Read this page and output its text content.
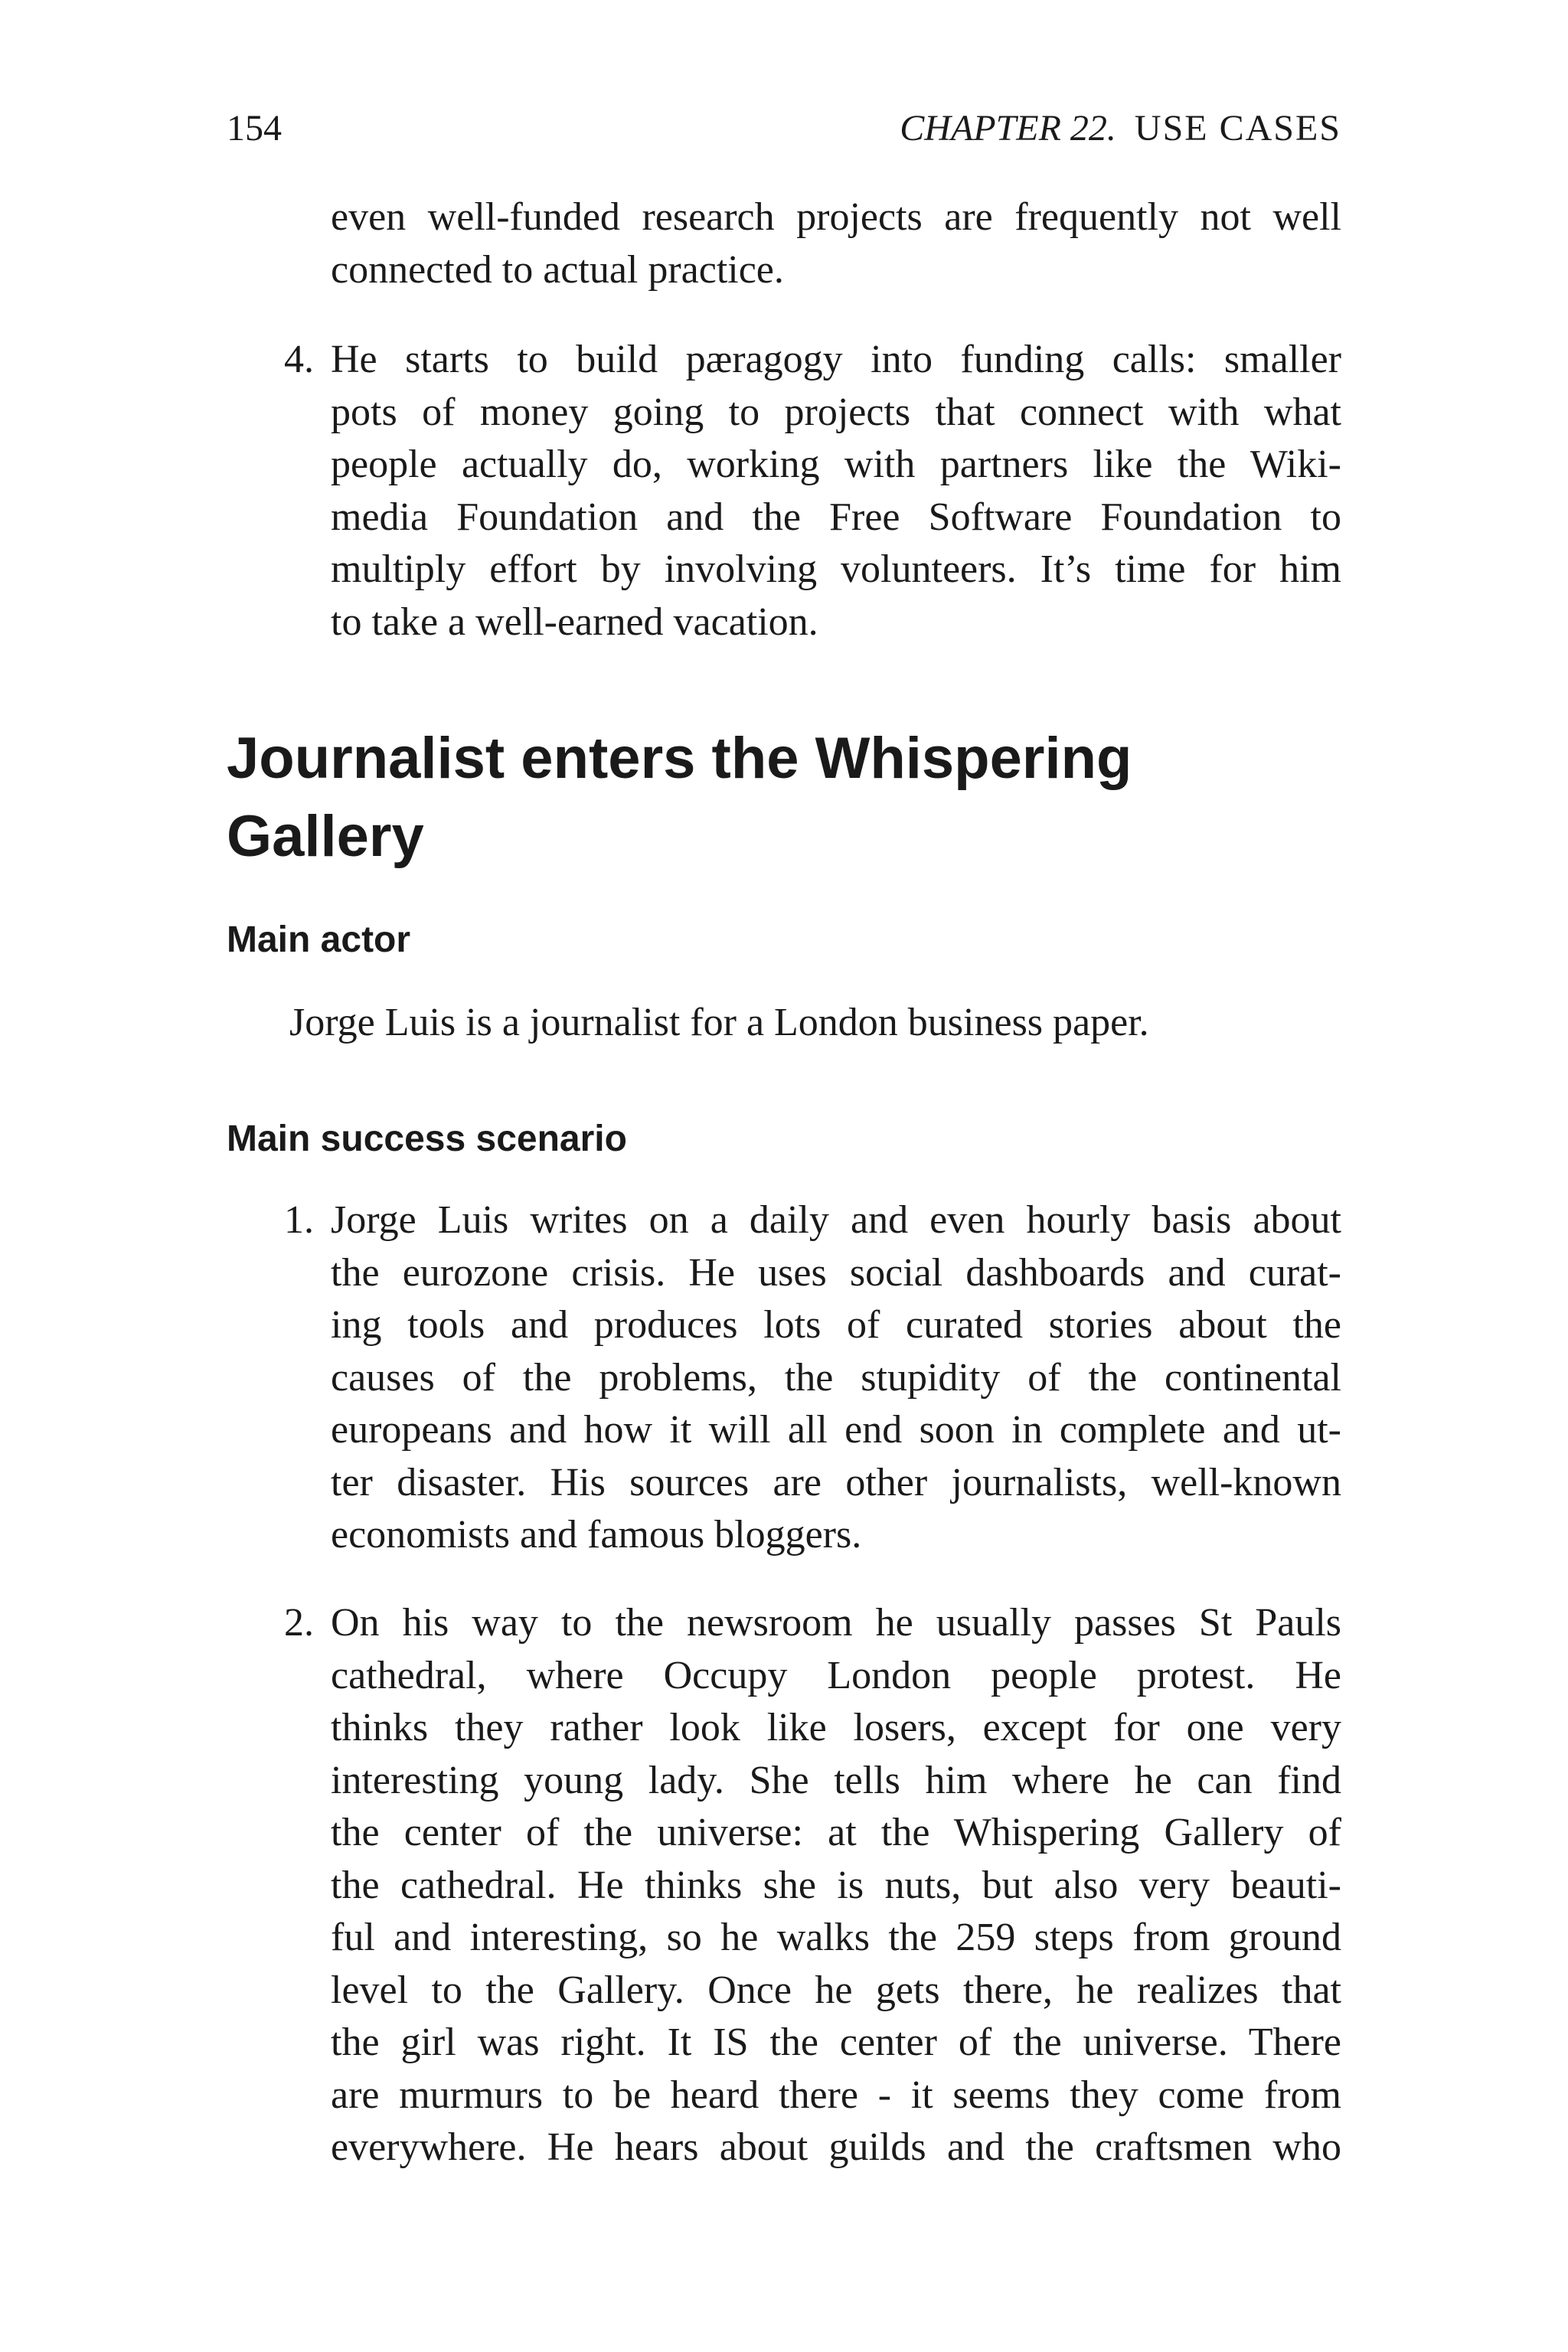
154	CHAPTER 22. USE CASES
even well-funded research projects are frequently not well
connected to actual practice.
4. He starts to build pæragogy into funding calls: smaller
pots of money going to projects that connect with what
people actually do, working with partners like the Wiki-
media Foundation and the Free Software Foundation to
multiply effort by involving volunteers. It’s time for him
to take a well-earned vacation.
Journalist enters the Whispering
Gallery
Main actor

Jorge Luis is a journalist for a London business paper.

Main success scenario
1. Jorge Luis writes on a daily and even hourly basis about
the eurozone crisis. He uses social dashboards and curat-
ing tools and produces lots of curated stories about the
causes of the problems, the stupidity of the continental
europeans and how it will all end soon in complete and ut-
ter disaster. His sources are other journalists, well-known
economists and famous bloggers.
2. On his way to the newsroom he usually passes St Pauls
cathedral, where Occupy London people protest. He
thinks they rather look like losers, except for one very
interesting young lady. She tells him where he can find
the center of the universe: at the Whispering Gallery of
the cathedral. He thinks she is nuts, but also very beauti-
ful and interesting, so he walks the 259 steps from ground
level to the Gallery. Once he gets there, he realizes that
the girl was right. It IS the center of the universe. There
are murmurs to be heard there - it seems they come from
everywhere. He hears about guilds and the craftsmen who
